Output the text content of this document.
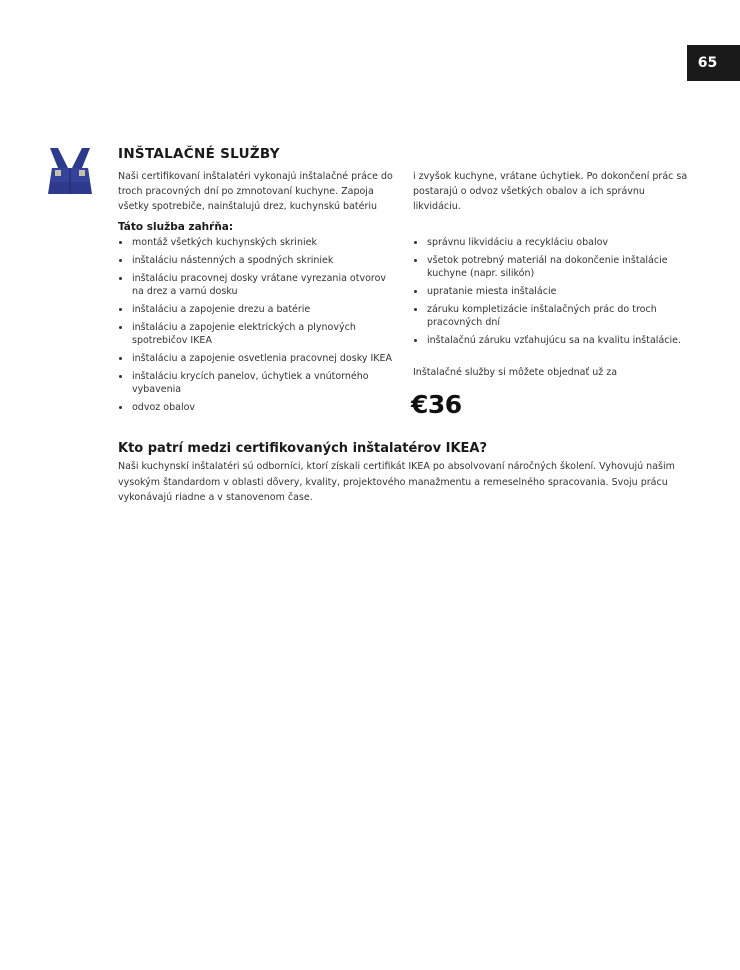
65
INŠTALAČNÉ SLUŽBY

Naši certifikovaní inštalatéri vykonajú inštalačné práce do troch pracovných dní po zmnotovaní kuchyne. Zapoja všetky spotrebiče, nainštalujú drez, kuchynskú batériu

i zvyšok kuchyne, vrátane úchytiek. Po dokončení prác sa postarajú o odvoz všetkých obalov a ich správnu likvidáciu.

Táto služba zahŕňa:
montáž všetkých kuchynských skriniek
inštaláciu nástenných a spodných skriniek
inštaláciu pracovnej dosky vrátane vyrezania otvorov na drez a varnú dosku
inštaláciu a zapojenie drezu a batérie
inštaláciu a zapojenie elektrických a plynových spotrebičov IKEA
inštaláciu a zapojenie osvetlenia pracovnej dosky IKEA
inštaláciu krycích panelov, úchytiek a vnútorného vybavenia
odvoz obalov
správnu likvidáciu a recykláciu obalov
všetok potrebný materiál na dokončenie inštalácie kuchyne (napr. silikón)
upratanie miesta inštalácie
záruku kompletizácie inštalačných prác do troch pracovných dní
inštalačnú záruku vzťahujúcu sa na kvalitu inštalácie.
Inštalačné služby si môžete objednať už za
€36
Kto patrí medzi certifikovaných inštalatérov IKEA?

Naši kuchynskí inštalatéri sú odborníci, ktorí získali certifikát IKEA po absolvovaní náročných školení. Vyhovujú našim vysokým štandardom v oblasti dôvery, kvality, projektového manažmentu a remeselného spracovania. Svoju prácu vykonávajú riadne a v stanovenom čase.
